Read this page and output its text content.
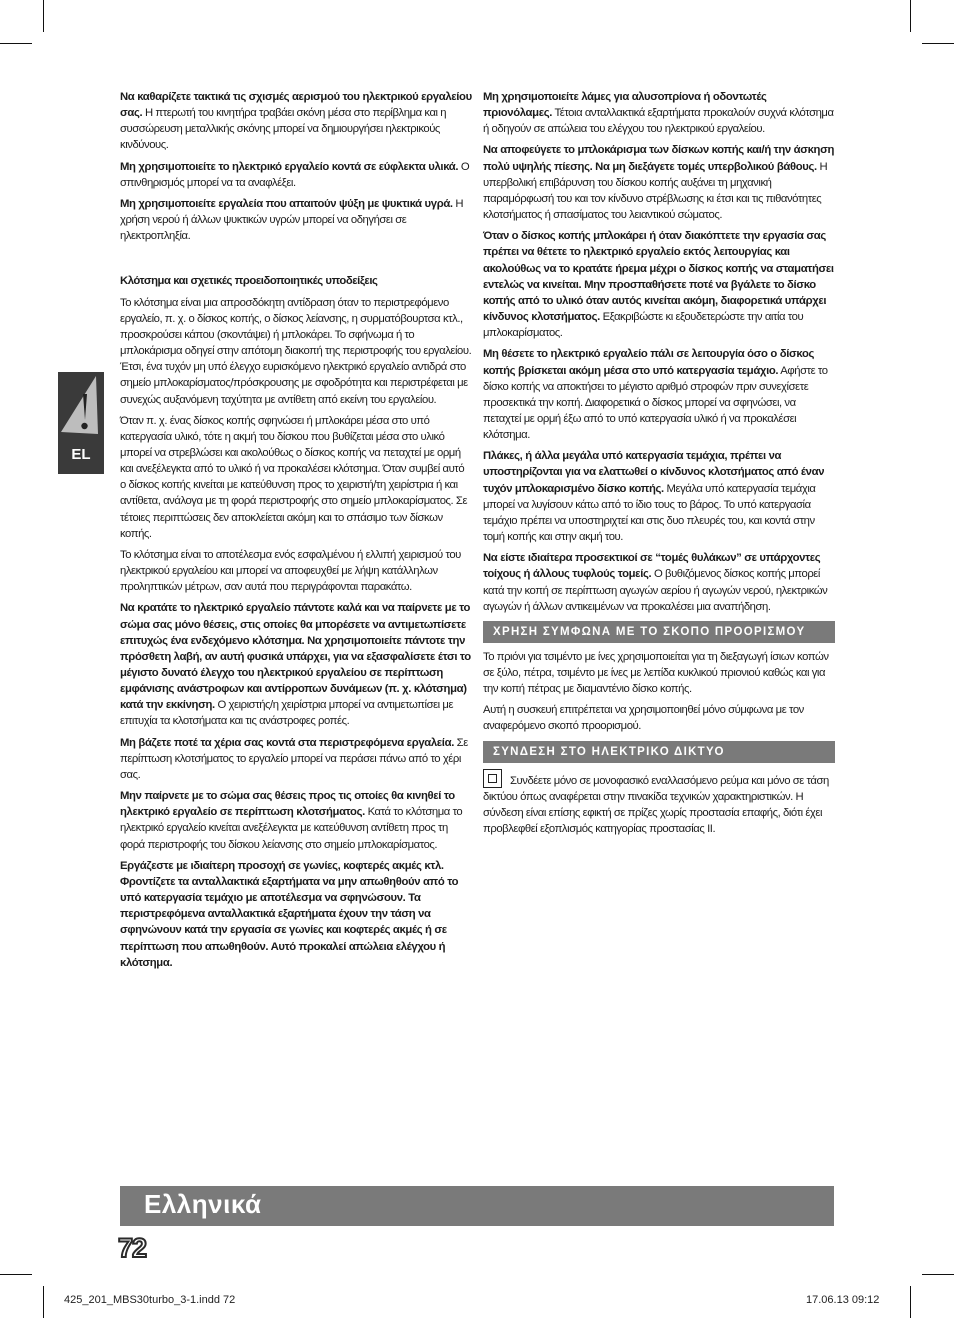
EL

Να καθαρίζετε τακτικά τις σχισμές αερισμού του ηλεκτρικού εργαλείου σας. Η πτερωτή του κινητήρα τραβάει σκόνη μέσα στο περίβλημα και η συσσώρευση μεταλλικής σκόνης μπορεί να δημιουργήσει ηλεκτρικούς κινδύνους.

Μη χρησιμοποιείτε το ηλεκτρικό εργαλείο κοντά σε εύφλεκτα υλικά. Ο σπινθηρισμός μπορεί να τα αναφλέξει.

Μη χρησιμοποιείτε εργαλεία που απαιτούν ψύξη με ψυκτικά υγρά. Η χρήση νερού ή άλλων ψυκτικών υγρών μπορεί να οδηγήσει σε ηλεκτροπληξία.

Κλότσημα και σχετικές προειδοποιητικές υποδείξεις

Το κλότσημα είναι μια απροσδόκητη αντίδραση όταν το περιστρεφόμενο εργαλείο, π. χ. ο δίσκος κοπής, ο δίσκος λείανσης, η συρματόβουρτσα κτλ., προσκρούσει κάπου (σκοντάψει) ή μπλοκάρει. Το σφήνωμα ή το μπλοκάρισμα οδηγεί στην απότομη διακοπή της περιστροφής του εργαλείου. Έτσι, ένα τυχόν μη υπό έλεγχο ευρισκόμενο ηλεκτρικό εργαλείο αντιδρά στο σημείο μπλοκαρίσματος/πρόσκρουσης με σφοδρότητα και περιστρέφεται με συνεχώς αυξανόμενη ταχύτητα με αντίθετη από εκείνη του εργαλείου.

Όταν π. χ. ένας δίσκος κοπής σφηνώσει ή μπλοκάρει μέσα στο υπό κατεργασία υλικό, τότε η ακμή του δίσκου που βυθίζεται μέσα στο υλικό μπορεί να στρεβλώσει και ακολούθως ο δίσκος κοπής να πεταχτεί με ορμή και ανεξέλεγκτα από το υλικό ή να προκαλέσει κλότσημα. Όταν συμβεί αυτό ο δίσκος κοπής κινείται με κατεύθυνση προς το χειριστή/τη χειρίστρια ή και αντίθετα, ανάλογα με τη φορά περιστροφής στο σημείο μπλοκαρίσματος. Σε τέτοιες περιπτώσεις δεν αποκλείεται ακόμη και το σπάσιμο των δίσκων κοπής.

Το κλότσημα είναι το αποτέλεσμα ενός εσφαλμένου ή ελλιπή χειρισμού του ηλεκτρικού εργαλείου και μπορεί να αποφευχθεί με λήψη κατάλληλων προληπτικών μέτρων, σαν αυτά που περιγράφονται παρακάτω.

Να κρατάτε το ηλεκτρικό εργαλείο πάντοτε καλά και να παίρνετε με το σώμα σας μόνο θέσεις, στις οποίες θα μπορέσετε να αντιμετωπίσετε επιτυχώς ένα ενδεχόμενο κλότσημα. Να χρησιμοποιείτε πάντοτε την πρόσθετη λαβή, αν αυτή φυσικά υπάρχει, για να εξασφαλίσετε έτσι το μέγιστο δυνατό έλεγχο του ηλεκτρικού εργαλείου σε περίπτωση εμφάνισης ανάστροφων και αντίρροπων δυνάμεων (π. χ. κλότσημα) κατά την εκκίνηση. Ο χειριστής/η χειρίστρια μπορεί να αντιμετωπίσει με επιτυχία τα κλοτσήματα και τις ανάστροφες ροπές.

Μη βάζετε ποτέ τα χέρια σας κοντά στα περιστρεφόμενα εργαλεία. Σε περίπτωση κλοτσήματος το εργαλείο μπορεί να περάσει πάνω από το χέρι σας.

Μην παίρνετε με το σώμα σας θέσεις προς τις οποίες θα κινηθεί το ηλεκτρικό εργαλείο σε περίπτωση κλοτσήματος. Κατά το κλότσημα το ηλεκτρικό εργαλείο κινείται ανεξέλεγκτα με κατεύθυνση αντίθετη προς τη φορά περιστροφής του δίσκου λείανσης στο σημείο μπλοκαρίσματος.

Εργάζεστε με ιδιαίτερη προσοχή σε γωνίες, κοφτερές ακμές κτλ. Φροντίζετε τα ανταλλακτικά εξαρτήματα να μην απωθηθούν από το υπό κατεργασία τεμάχιο με αποτέλεσμα να σφηνώσουν. Τα περιστρεφόμενα ανταλλακτικά εξαρτήματα έχουν την τάση να σφηνώνουν κατά την εργασία σε γωνίες και κοφτερές ακμές ή σε περίπτωση που απωθηθούν. Αυτό προκαλεί απώλεια ελέγχου ή κλότσημα.

Μη χρησιμοποιείτε λάμες για αλυσοπρίονα ή οδοντωτές πριονόλαμες. Τέτοια ανταλλακτικά εξαρτήματα προκαλούν συχνά κλότσημα ή οδηγούν σε απώλεια του ελέγχου του ηλεκτρικού εργαλείου.

Να αποφεύγετε το μπλοκάρισμα των δίσκων κοπής και/ή την άσκηση πολύ υψηλής πίεσης. Να μη διεξάγετε τομές υπερβολικού βάθους. Η υπερβολική επιβάρυνση του δίσκου κοπής αυξάνει τη μηχανική παραμόρφωσή του και τον κίνδυνο στρέβλωσης κι έτσι και τις πιθανότητες κλοτσήματος ή σπασίματος του λειαντικού σώματος.

Όταν ο δίσκος κοπής μπλοκάρει ή όταν διακόπτετε την εργασία σας πρέπει να θέτετε το ηλεκτρικό εργαλείο εκτός λειτουργίας και ακολούθως να το κρατάτε ήρεμα μέχρι ο δίσκος κοπής να σταματήσει εντελώς να κινείται. Μην προσπαθήσετε ποτέ να βγάλετε το δίσκο κοπής από το υλικό όταν αυτός κινείται ακόμη, διαφορετικά υπάρχει κίνδυνος κλοτσήματος. Εξακριβώστε κι εξουδετερώστε την αιτία του μπλοκαρίσματος.

Μη θέσετε το ηλεκτρικό εργαλείο πάλι σε λειτουργία όσο ο δίσκος κοπής βρίσκεται ακόμη μέσα στο υπό κατεργασία τεμάχιο. Αφήστε το δίσκο κοπής να αποκτήσει το μέγιστο αριθμό στροφών πριν συνεχίσετε προσεκτικά την κοπή. Διαφορετικά ο δίσκος μπορεί να σφηνώσει, να πεταχτεί με ορμή έξω από το υπό κατεργασία υλικό ή να προκαλέσει κλότσημα.

Πλάκες, ή άλλα μεγάλα υπό κατεργασία τεμάχια, πρέπει να υποστηρίζονται για να ελαττωθεί ο κίνδυνος κλοτσήματος από έναν τυχόν μπλοκαρισμένο δίσκο κοπής. Μεγάλα υπό κατεργασία τεμάχια μπορεί να λυγίσουν κάτω από το ίδιο τους το βάρος. Το υπό κατεργασία τεμάχιο πρέπει να υποστηριχτεί και στις δυο πλευρές του, και κοντά στην τομή κοπής και στην ακμή του.

Να είστε ιδιαίτερα προσεκτικοί σε “τομές θυλάκων” σε υπάρχοντες τοίχους ή άλλους τυφλούς τομείς. Ο βυθιζόμενος δίσκος κοπής μπορεί κατά την κοπή σε περίπτωση αγωγών αερίου ή αγωγών νερού, ηλεκτρικών αγωγών ή άλλων αντικειμένων να προκαλέσει μια αναπήδηση.

ΧΡΗΣΗ ΣΥΜΦΩΝΑ ΜΕ ΤΟ ΣΚΟΠΟ ΠΡΟΟΡΙΣΜΟΥ

Το πριόνι για τσιμέντο με ίνες χρησιμοποιείται για τη διεξαγωγή ίσιων κοπών σε ξύλο, πέτρα, τσιμέντο με ίνες με λεπίδα κυκλικού πριονιού καθώς και για την κοπή πέτρας με διαμαντένιο δίσκο κοπής.

Αυτή η συσκευή επιτρέπεται να χρησιμοποιηθεί μόνο σύμφωνα με τον αναφερόμενο σκοπό προορισμού.

ΣΥΝΔΕΣΗ ΣΤΟ ΗΛΕΚΤΡΙΚΟ ΔΙΚΤΥΟ

Συνδέετε μόνο σε μονοφασικό εναλλασόμενο ρεύμα και μόνο σε τάση δικτύου όπως αναφέρεται στην πινακίδα τεχνικών χαρακτηριστικών. Η σύνδεση είναι επίσης εφικτή σε πρίζες χωρίς προστασία επαφής, διότι έχει προβλεφθεί εξοπλισμός κατηγορίας προστασίας II.

Ελληνικά
72
425_201_MBS30turbo_3-1.indd 72	17.06.13 09:12
